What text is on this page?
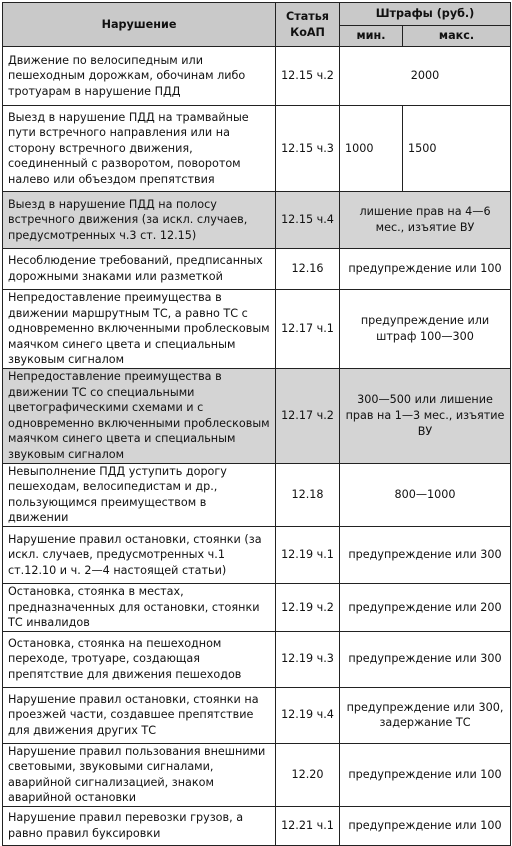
Нарушение	Статья КоАП	Штрафы (руб.)	
		мин.	макс.
Движение по велосипедным или пешеходным дорожкам, обочинам либо тротуарам в нарушение ПДД	12.15 ч.2	2000	
Выезд в нарушение ПДД на трамвайные пути встречного направления или на сторону встречного движения, соединенный с разворотом, поворотом налево или объездом препятствия	12.15 ч.3	1000	1500
Выезд в нарушение ПДД на полосу встречного движения (за искл. случаев, предусмотренных ч.3 ст. 12.15)	12.15 ч.4	лишение прав на 4—6 мес., изъятие ВУ	
Несоблюдение требований, предписанных дорожными знаками или разметкой	12.16	предупреждение или 100	
Непредоставление преимущества в движении маршрутным ТС, а равно ТС с одновременно включенными проблесковым маячком синего цвета и специальным звуковым сигналом	12.17 ч.1	предупреждение или штраф 100—300	
Непредоставление преимущества в движении ТС со специальными цветографическими схемами и с одновременно включенными проблесковым маячком синего цвета и специальным звуковым сигналом	12.17 ч.2	300—500 или лишение прав на 1—3 мес., изъятие ВУ	
Невыполнение ПДД уступить дорогу пешеходам, велосипедистам и др., пользующимся преимуществом в движении	12.18	800—1000	
Нарушение правил остановки, стоянки (за искл. случаев, предусмотренных ч.1 ст.12.10 и ч. 2—4 настоящей статьи)	12.19 ч.1	предупреждение или 300	
Остановка, стоянка в местах, предназначенных для остановки, стоянки ТС инвалидов	12.19 ч.2	предупреждение или 200	
Остановка, стоянка на пешеходном переходе, тротуаре, создающая препятствие для движения пешеходов	12.19 ч.3	предупреждение или 300	
Нарушение правил остановки, стоянки на проезжей части, создавшее препятствие для движения других ТС	12.19 ч.4	предупреждение или 300, задержание ТС	
Нарушение правил пользования внешними световыми, звуковыми сигналами, аварийной сигнализацией, знаком аварийной остановки	12.20	предупреждение или 100	
Нарушение правил перевозки грузов, а равно правил буксировки	12.21 ч.1	предупреждение или 100	
